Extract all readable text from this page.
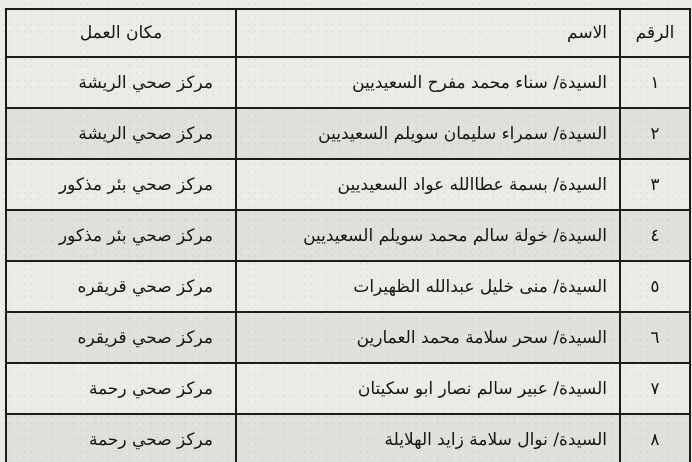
الرقم	الاسم	مكان العمل
١	السيدة/ سناء محمد مفرح السعيديين	مركز صحي الريشة
٢	السيدة/ سمراء سليمان سويلم السعيديين	مركز صحي الريشة
٣	السيدة/ بسمة عطاالله عواد السعيديين	مركز صحي بئر مذكور
٤	السيدة/ خولة سالم محمد سويلم السعيديين	مركز صحي بئر مذكور
٥	السيدة/ منى خليل عبدالله الظهيرات	مركز صحي قريقره
٦	السيدة/ سحر سلامة محمد العمارين	مركز صحي قريقره
٧	السيدة/ عبير سالم نصار ابو سكيتان	مركز صحي رحمة
٨	السيدة/ نوال سلامة زايد الهلايلة	مركز صحي رحمة
